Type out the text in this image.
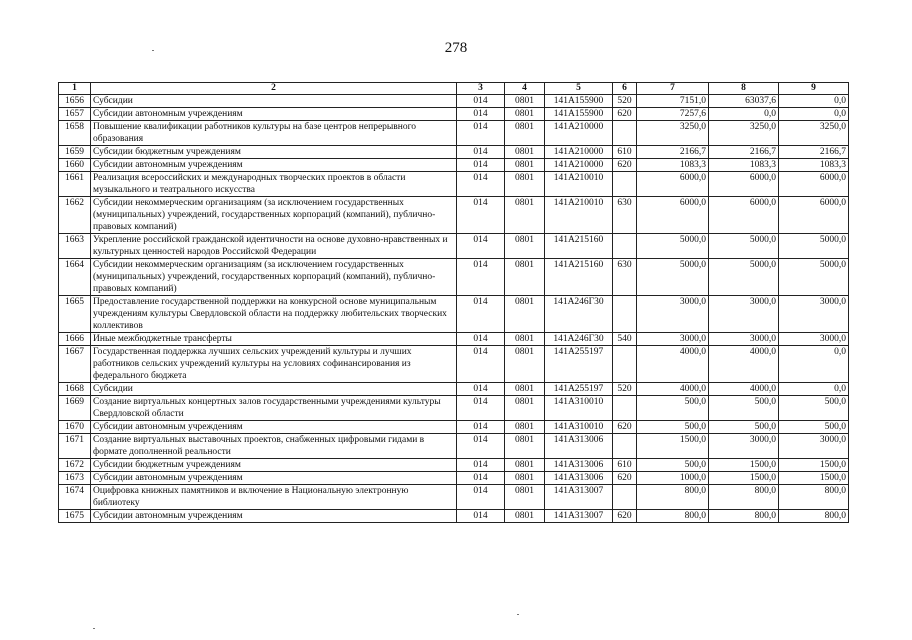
278
1	2	3	4	5	6	7	8	9
1656	Субсидии	014	0801	141A155900	520	7151,0	63037,6	0,0
1657	Субсидии автономным учреждениям	014	0801	141A155900	620	7257,6	0,0	0,0
1658	Повышение квалификации работников культуры на базе центров непрерывного образования	014	0801	141A210000		3250,0	3250,0	3250,0
1659	Субсидии бюджетным учреждениям	014	0801	141A210000	610	2166,7	2166,7	2166,7
1660	Субсидии автономным учреждениям	014	0801	141A210000	620	1083,3	1083,3	1083,3
1661	Реализация всероссийских и международных творческих проектов в области музыкального и театрального искусства	014	0801	141A210010		6000,0	6000,0	6000,0
1662	Субсидии некоммерческим организациям (за исключением государственных (муниципальных) учреждений, государственных корпораций (компаний), публично-правовых компаний)	014	0801	141A210010	630	6000,0	6000,0	6000,0
1663	Укрепление российской гражданской идентичности на основе духовно-нравственных и культурных ценностей народов Российской Федерации	014	0801	141A215160		5000,0	5000,0	5000,0
1664	Субсидии некоммерческим организациям (за исключением государственных (муниципальных) учреждений, государственных корпораций (компаний), публично-правовых компаний)	014	0801	141A215160	630	5000,0	5000,0	5000,0
1665	Предоставление государственной поддержки на конкурсной основе муниципальным учреждениям культуры Свердловской области на поддержку любительских творческих коллективов	014	0801	141A246Г30		3000,0	3000,0	3000,0
1666	Иные межбюджетные трансферты	014	0801	141A246Г30	540	3000,0	3000,0	3000,0
1667	Государственная поддержка лучших сельских учреждений культуры и лучших работников сельских учреждений культуры на условиях софинансирования из федерального бюджета	014	0801	141A255197		4000,0	4000,0	0,0
1668	Субсидии	014	0801	141A255197	520	4000,0	4000,0	0,0
1669	Создание виртуальных концертных залов государственными учреждениями культуры Свердловской области	014	0801	141A310010		500,0	500,0	500,0
1670	Субсидии автономным учреждениям	014	0801	141A310010	620	500,0	500,0	500,0
1671	Создание виртуальных выставочных проектов, снабженных цифровыми гидами в формате дополненной реальности	014	0801	141A313006		1500,0	3000,0	3000,0
1672	Субсидии бюджетным учреждениям	014	0801	141A313006	610	500,0	1500,0	1500,0
1673	Субсидии автономным учреждениям	014	0801	141A313006	620	1000,0	1500,0	1500,0
1674	Оцифровка книжных памятников и включение в Национальную электронную библиотеку	014	0801	141A313007		800,0	800,0	800,0
1675	Субсидии автономным учреждениям	014	0801	141A313007	620	800,0	800,0	800,0
